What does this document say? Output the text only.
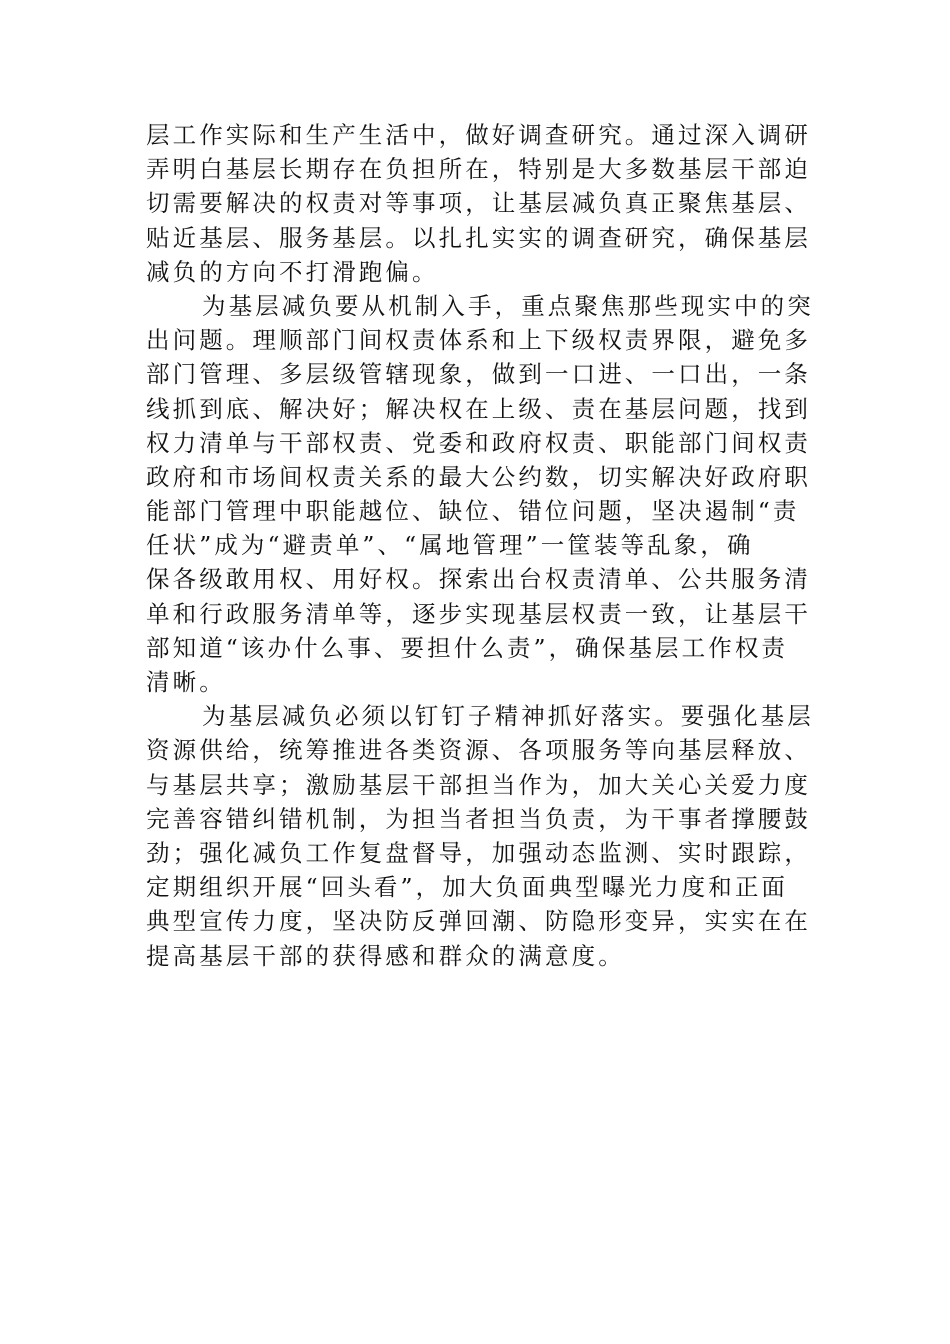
层工作实际和生产生活中，做好调查研究。通过深入调研
弄明白基层长期存在负担所在，特别是大多数基层干部迫
切需要解决的权责对等事项，让基层减负真正聚焦基层、
贴近基层、服务基层。以扎扎实实的调查研究，确保基层
减负的方向不打滑跑偏。
为基层减负要从机制入手，重点聚焦那些现实中的突
出问题。理顺部门间权责体系和上下级权责界限，避免多
部门管理、多层级管辖现象，做到一口进、一口出，一条
线抓到底、解决好；解决权在上级、责在基层问题，找到
权力清单与干部权责、党委和政府权责、职能部门间权责
政府和市场间权责关系的最大公约数，切实解决好政府职
能部门管理中职能越位、缺位、错位问题，坚决遏制“责
任状”成为“避责单”、“属地管理”一筐装等乱象，确
保各级敢用权、用好权。探索出台权责清单、公共服务清
单和行政服务清单等，逐步实现基层权责一致，让基层干
部知道“该办什么事、要担什么责”，确保基层工作权责
清晰。
为基层减负必须以钉钉子精神抓好落实。要强化基层
资源供给，统筹推进各类资源、各项服务等向基层释放、
与基层共享；激励基层干部担当作为，加大关心关爱力度
完善容错纠错机制，为担当者担当负责，为干事者撑腰鼓
劲；强化减负工作复盘督导，加强动态监测、实时跟踪，
定期组织开展“回头看”，加大负面典型曝光力度和正面
典型宣传力度，坚决防反弹回潮、防隐形变异，实实在在
提高基层干部的获得感和群众的满意度。
